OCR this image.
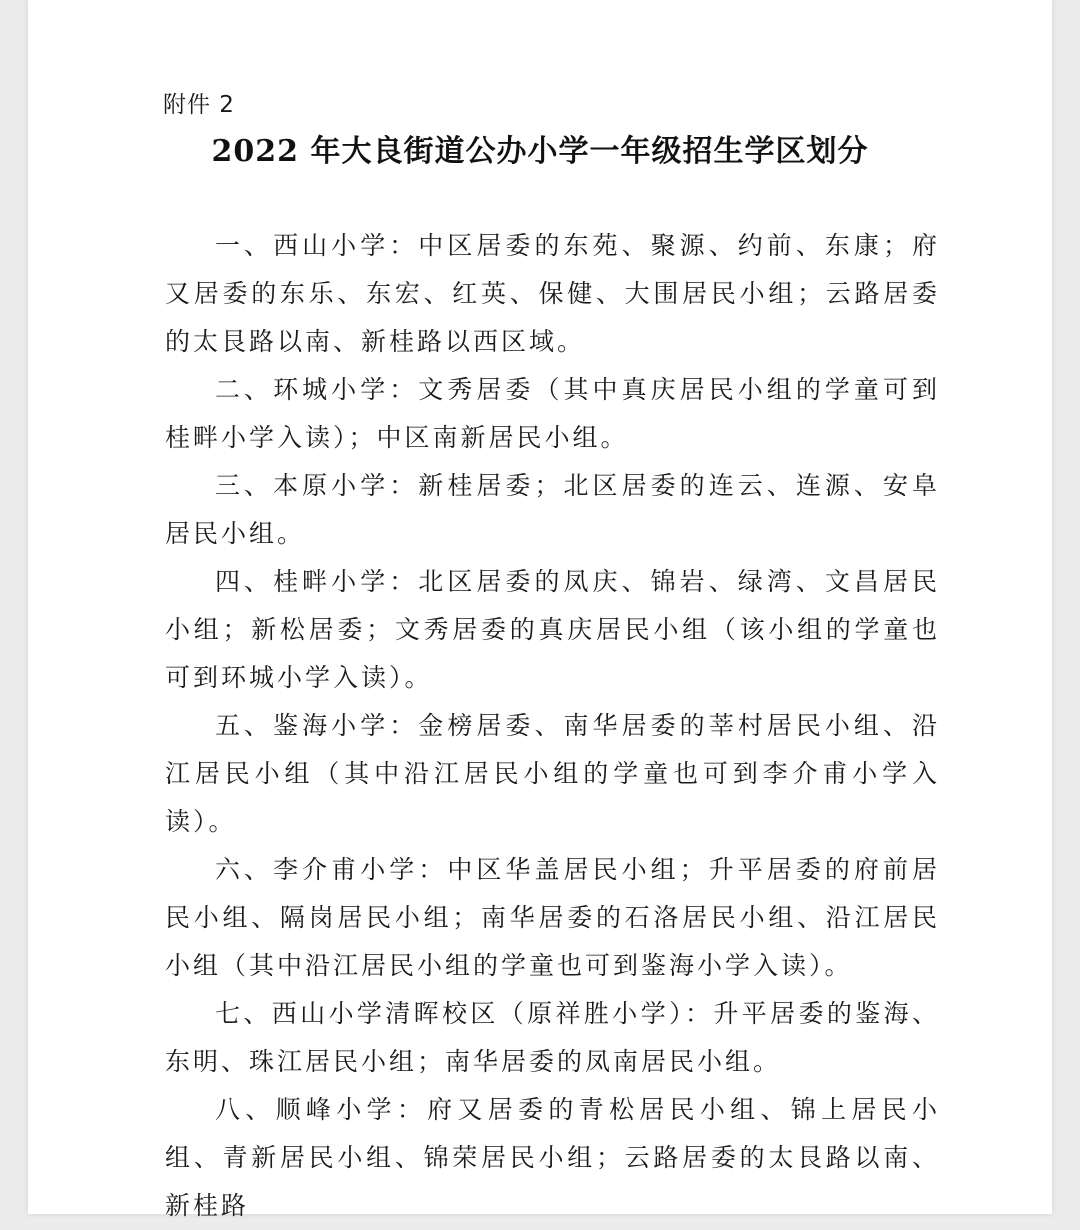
附件 2
2022 年大良街道公办小学一年级招生学区划分

一、西山小学：中区居委的东苑、聚源、约前、东康；府又居委的东乐、东宏、红英、保健、大围居民小组；云路居委的太艮路以南、新桂路以西区域。

二、环城小学：文秀居委（其中真庆居民小组的学童可到桂畔小学入读）；中区南新居民小组。

三、本原小学：新桂居委；北区居委的连云、连源、安阜居民小组。

四、桂畔小学：北区居委的凤庆、锦岩、绿湾、文昌居民小组；新松居委；文秀居委的真庆居民小组（该小组的学童也可到环城小学入读）。

五、鉴海小学：金榜居委、南华居委的莘村居民小组、沿江居民小组（其中沿江居民小组的学童也可到李介甫小学入读）。

六、李介甫小学：中区华盖居民小组；升平居委的府前居民小组、隔岗居民小组；南华居委的石洛居民小组、沿江居民小组（其中沿江居民小组的学童也可到鉴海小学入读）。

七、西山小学清晖校区（原祥胜小学）：升平居委的鉴海、东明、珠江居民小组；南华居委的凤南居民小组。

八、顺峰小学：府又居委的青松居民小组、锦上居民小组、青新居民小组、锦荣居民小组；云路居委的太艮路以南、新桂路
